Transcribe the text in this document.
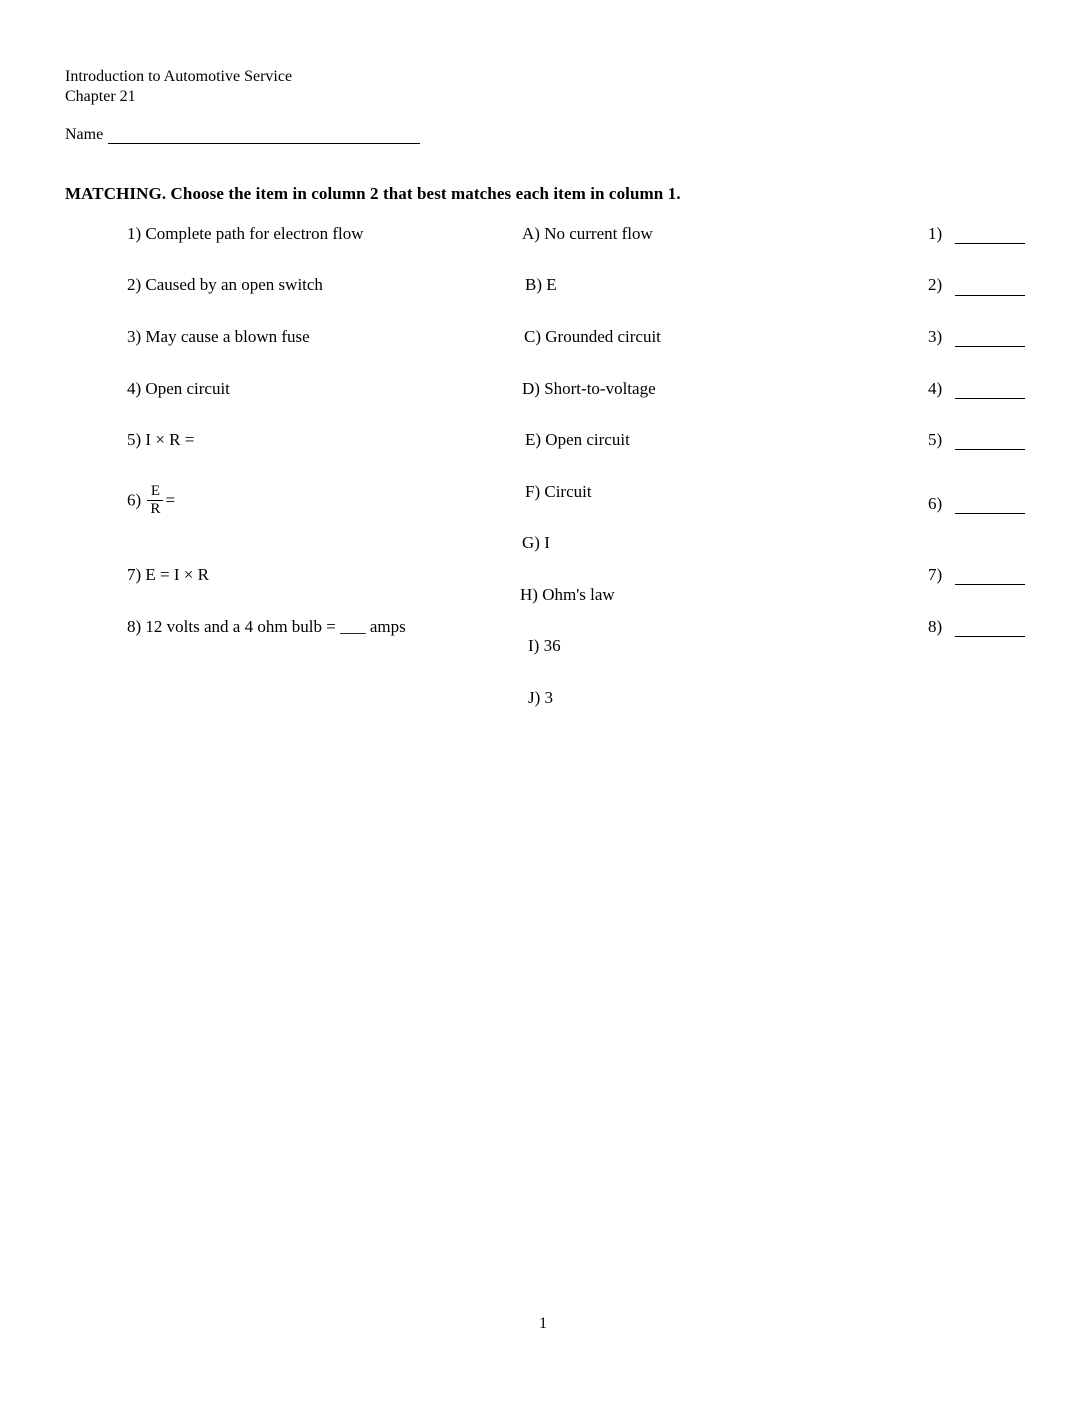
Introduction to Automotive Service
Chapter 21
Name
MATCHING. Choose the item in column 2 that best matches each item in column 1.
1) Complete path for electron flow
2) Caused by an open switch
3) May cause a blown fuse
4) Open circuit
5) I × R =
$6) \frac{E}{R}$ =
7) E = I × R
8) 12 volts and a 4 ohm bulb = ___ amps
A) No current flow
B) E
C) Grounded circuit
D) Short-to-voltage
E) Open circuit
F) Circuit
G) I
H) Ohm's law
I) 36
J) 3
1)
2)
3)
4)
5)
6)
7)
8)
1
